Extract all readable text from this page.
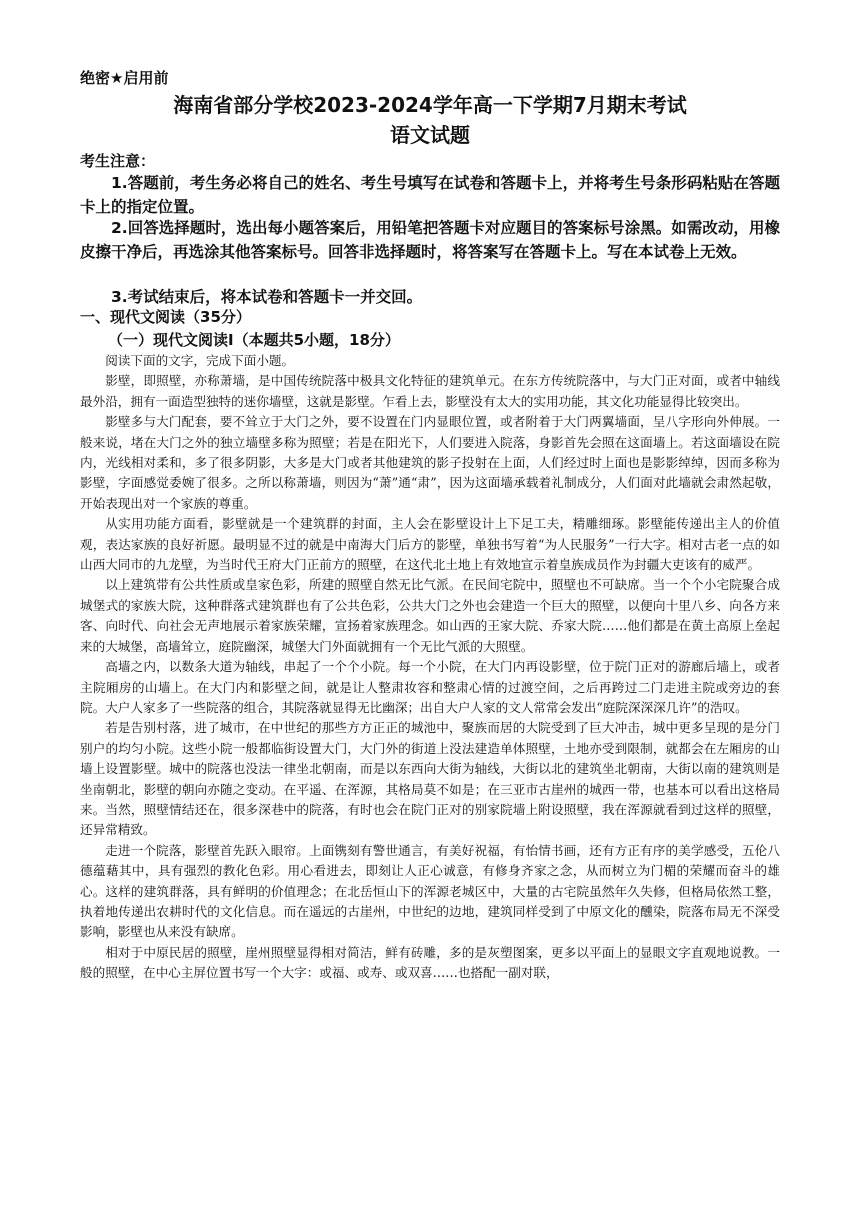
绝密★启用前
海南省部分学校2023-2024学年高一下学期7月期末考试
语文试题
考生注意：
1.答题前，考生务必将自己的姓名、考生号填写在试卷和答题卡上，并将考生号条形码粘贴在答题卡上的指定位置。
2.回答选择题时，选出每小题答案后，用铅笔把答题卡对应题目的答案标号涂黑。如需改动，用橡皮擦干净后，再选涂其他答案标号。回答非选择题时，将答案写在答题卡上。写在本试卷上无效。
3.考试结束后，将本试卷和答题卡一并交回。
一、现代文阅读（35分）
（一）现代文阅读Ⅰ（本题共5小题，18分）

阅读下面的文字，完成下面小题。

影壁，即照壁，亦称萧墙，是中国传统院落中极具文化特征的建筑单元。在东方传统院落中，与大门正对面，或者中轴线最外沿，拥有一面造型独特的迷你墙壁，这就是影壁。乍看上去，影壁没有太大的实用功能，其文化功能显得比较突出。

影壁多与大门配套，要不耸立于大门之外，要不设置在门内显眼位置，或者附着于大门两翼墙面，呈八字形向外伸展。一般来说，堵在大门之外的独立墙壁多称为照壁；若是在阳光下，人们要进入院落，身影首先会照在这面墙上。若这面墙设在院内，光线相对柔和，多了很多阴影，大多是大门或者其他建筑的影子投射在上面，人们经过时上面也是影影绰绰，因而多称为影壁，字面感觉委婉了很多。之所以称萧墙，则因为“萧”通“肃”，因为这面墙承载着礼制成分，人们面对此墙就会肃然起敬，开始表现出对一个家族的尊重。

从实用功能方面看，影壁就是一个建筑群的封面，主人会在影壁设计上下足工夫，精雕细琢。影壁能传递出主人的价值观，表达家族的良好祈愿。最明显不过的就是中南海大门后方的影壁，单独书写着“为人民服务”一行大字。相对古老一点的如山西大同市的九龙壁，为当时代王府大门正前方的照壁，在这代北土地上有效地宣示着皇族成员作为封疆大吏该有的威严。

以上建筑带有公共性质或皇家色彩，所建的照壁自然无比气派。在民间宅院中，照壁也不可缺席。当一个个小宅院聚合成城堡式的家族大院，这种群落式建筑群也有了公共色彩，公共大门之外也会建造一个巨大的照壁，以便向十里八乡、向各方来客、向时代、向社会无声地展示着家族荣耀，宣扬着家族理念。如山西的王家大院、乔家大院……他们都是在黄土高原上垒起来的大城堡，高墙耸立，庭院幽深，城堡大门外面就拥有一个无比气派的大照壁。

高墙之内，以数条大道为轴线，串起了一个个小院。每一个小院，在大门内再设影壁，位于院门正对的游廊后墙上，或者主院厢房的山墙上。在大门内和影壁之间，就是让人整肃妆容和整肃心情的过渡空间，之后再跨过二门走进主院或旁边的套院。大户人家多了一些院落的组合，其院落就显得无比幽深；出自大户人家的文人常常会发出“庭院深深深几许”的浩叹。

若是告别村落，进了城市，在中世纪的那些方方正正的城池中，聚族而居的大院受到了巨大冲击，城中更多呈现的是分门别户的均匀小院。这些小院一般都临街设置大门，大门外的街道上没法建造单体照壁，土地亦受到限制，就都会在左厢房的山墙上设置影壁。城中的院落也没法一律坐北朝南，而是以东西向大街为轴线，大街以北的建筑坐北朝南，大街以南的建筑则是坐南朝北，影壁的朝向亦随之变动。在平遥、在浑源，其格局莫不如是；在三亚市古崖州的城西一带，也基本可以看出这格局来。当然，照壁情结还在，很多深巷中的院落，有时也会在院门正对的别家院墙上附设照壁，我在浑源就看到过这样的照壁，还异常精致。

走进一个院落，影壁首先跃入眼帘。上面镌刻有警世通言，有美好祝福，有怡情书画，还有方正有序的美学感受，五伦八德蕴藉其中，具有强烈的教化色彩。用心看进去，即刻让人正心诚意，有修身齐家之念，从而树立为门楣的荣耀而奋斗的雄心。这样的建筑群落，具有鲜明的价值理念；在北岳恒山下的浑源老城区中，大量的古宅院虽然年久失修，但格局依然工整，执着地传递出农耕时代的文化信息。而在遥远的古崖州，中世纪的边地，建筑同样受到了中原文化的醺染，院落布局无不深受影响，影壁也从来没有缺席。

相对于中原民居的照壁，崖州照壁显得相对简洁，鲜有砖雕，多的是灰塑图案，更多以平面上的显眼文字直观地说教。一般的照壁，在中心主屏位置书写一个大字：或福、或寿、或双喜……也搭配一副对联，
